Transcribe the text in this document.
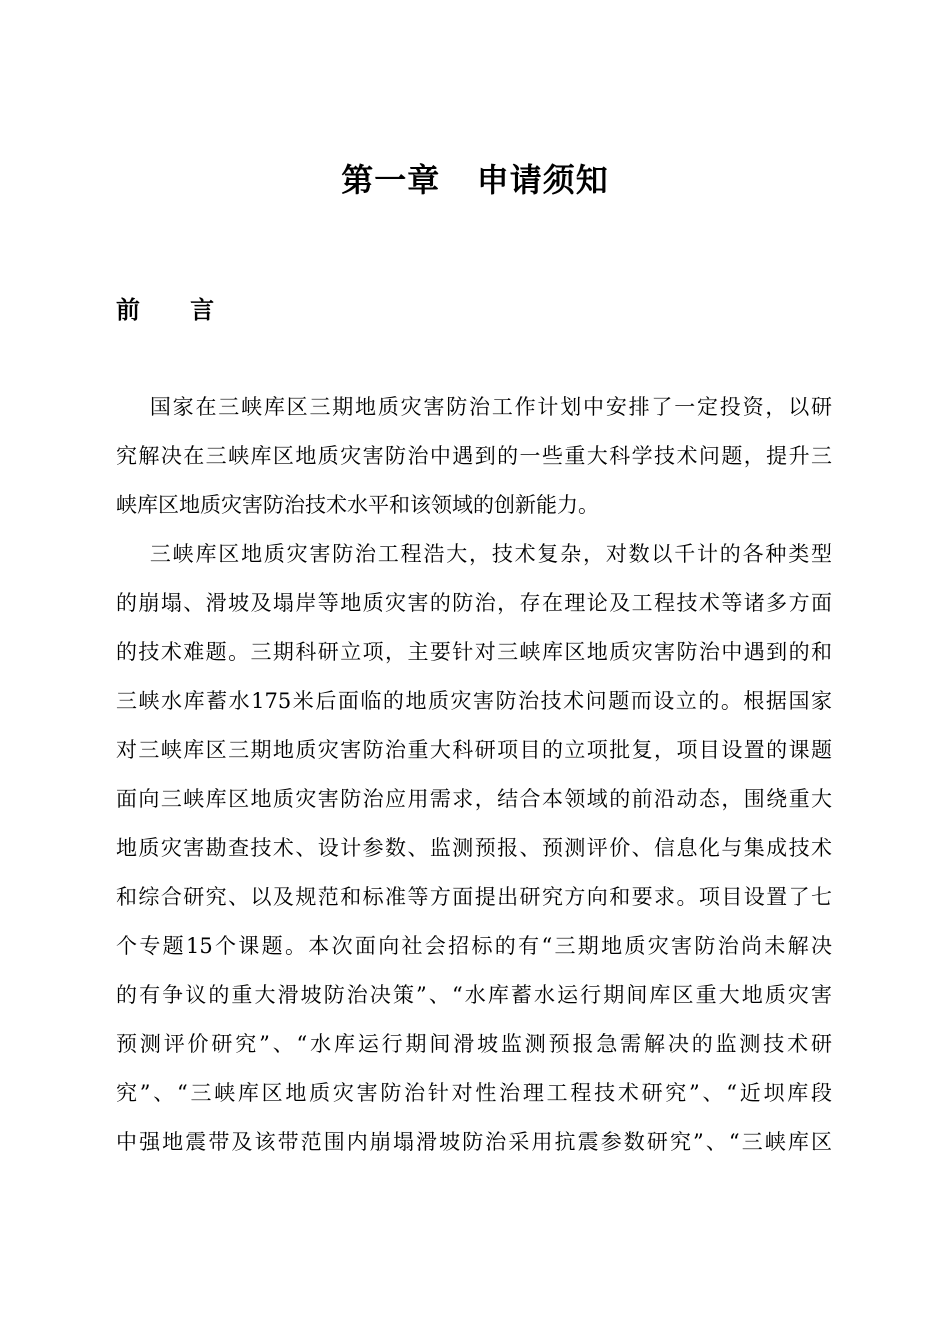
第一章   申请须知
前      言
国家在三峡库区三期地质灾害防治工作计划中安排了一定投资，以研
究解决在三峡库区地质灾害防治中遇到的一些重大科学技术问题，提升三
峡库区地质灾害防治技术水平和该领域的创新能力。
三峡库区地质灾害防治工程浩大，技术复杂，对数以千计的各种类型
的崩塌、滑坡及塌岸等地质灾害的防治，存在理论及工程技术等诸多方面
的技术难题。三期科研立项，主要针对三峡库区地质灾害防治中遇到的和
三峡水库蓄水175米后面临的地质灾害防治技术问题而设立的。根据国家
对三峡库区三期地质灾害防治重大科研项目的立项批复，项目设置的课题
面向三峡库区地质灾害防治应用需求，结合本领域的前沿动态，围绕重大
地质灾害勘查技术、设计参数、监测预报、预测评价、信息化与集成技术
和综合研究、以及规范和标准等方面提出研究方向和要求。项目设置了七
个专题15个课题。本次面向社会招标的有“三期地质灾害防治尚未解决
的有争议的重大滑坡防治决策”、“水库蓄水运行期间库区重大地质灾害
预测评价研究”、“水库运行期间滑坡监测预报急需解决的监测技术研
究”、“三峡库区地质灾害防治针对性治理工程技术研究”、“近坝库段
中强地震带及该带范围内崩塌滑坡防治采用抗震参数研究”、“三峡库区
